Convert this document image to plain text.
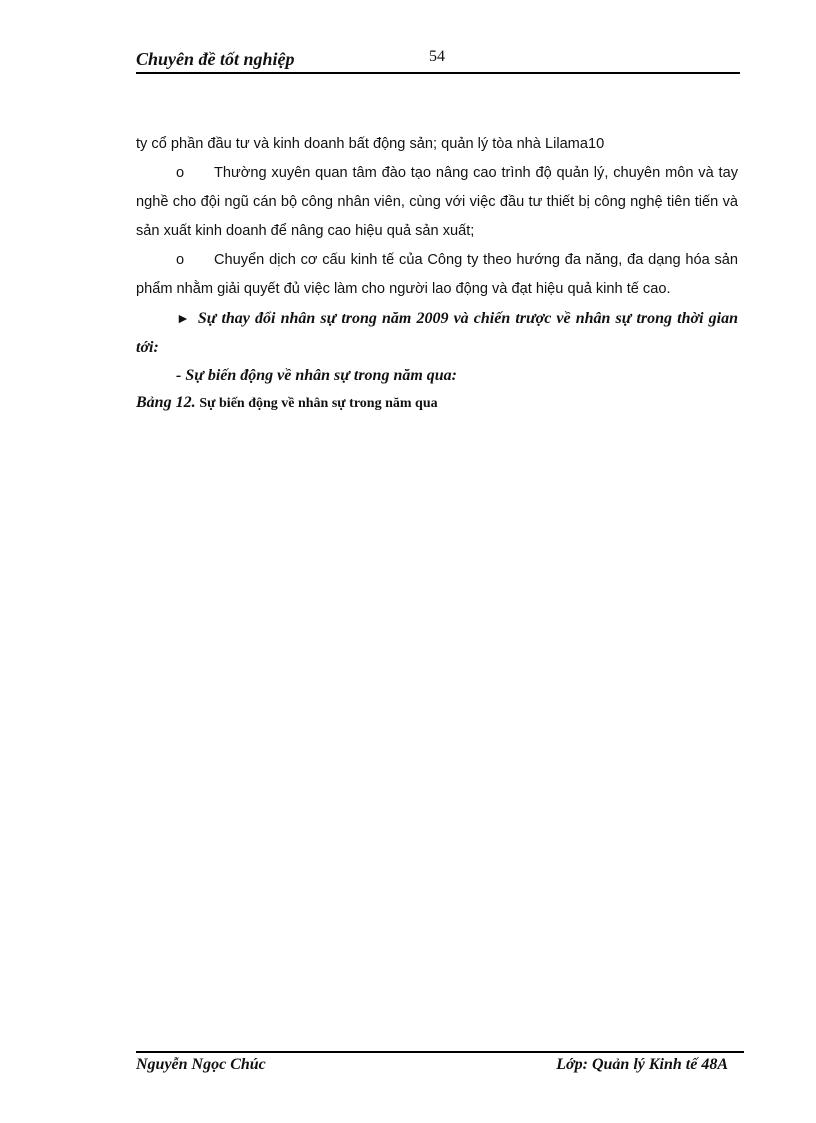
Chuyên đề tốt nghiệp	54

ty cổ phần đầu tư và kinh doanh bất động sản; quản lý tòa nhà Lilama10

o Thường xuyên quan tâm đào tạo nâng cao trình độ quản lý, chuyên môn và tay nghề cho đội ngũ cán bộ công nhân viên, cùng với việc đầu tư thiết bị công nghệ tiên tiến và sản xuất kinh doanh để nâng cao hiệu quả sản xuất;

o Chuyển dịch cơ cấu kinh tế của Công ty theo hướng đa năng, đa dạng hóa sản phẩm nhằm giải quyết đủ việc làm cho người lao động và đạt hiệu quả kinh tế cao.

► Sự thay đổi nhân sự trong năm 2009 và chiến trược về nhân sự trong thời gian tới:

- Sự biến động về nhân sự trong năm qua:

Bảng 12. Sự biến động về nhân sự trong năm qua

Nguyễn Ngọc Chúc	Lớp: Quản lý Kinh tế 48A
